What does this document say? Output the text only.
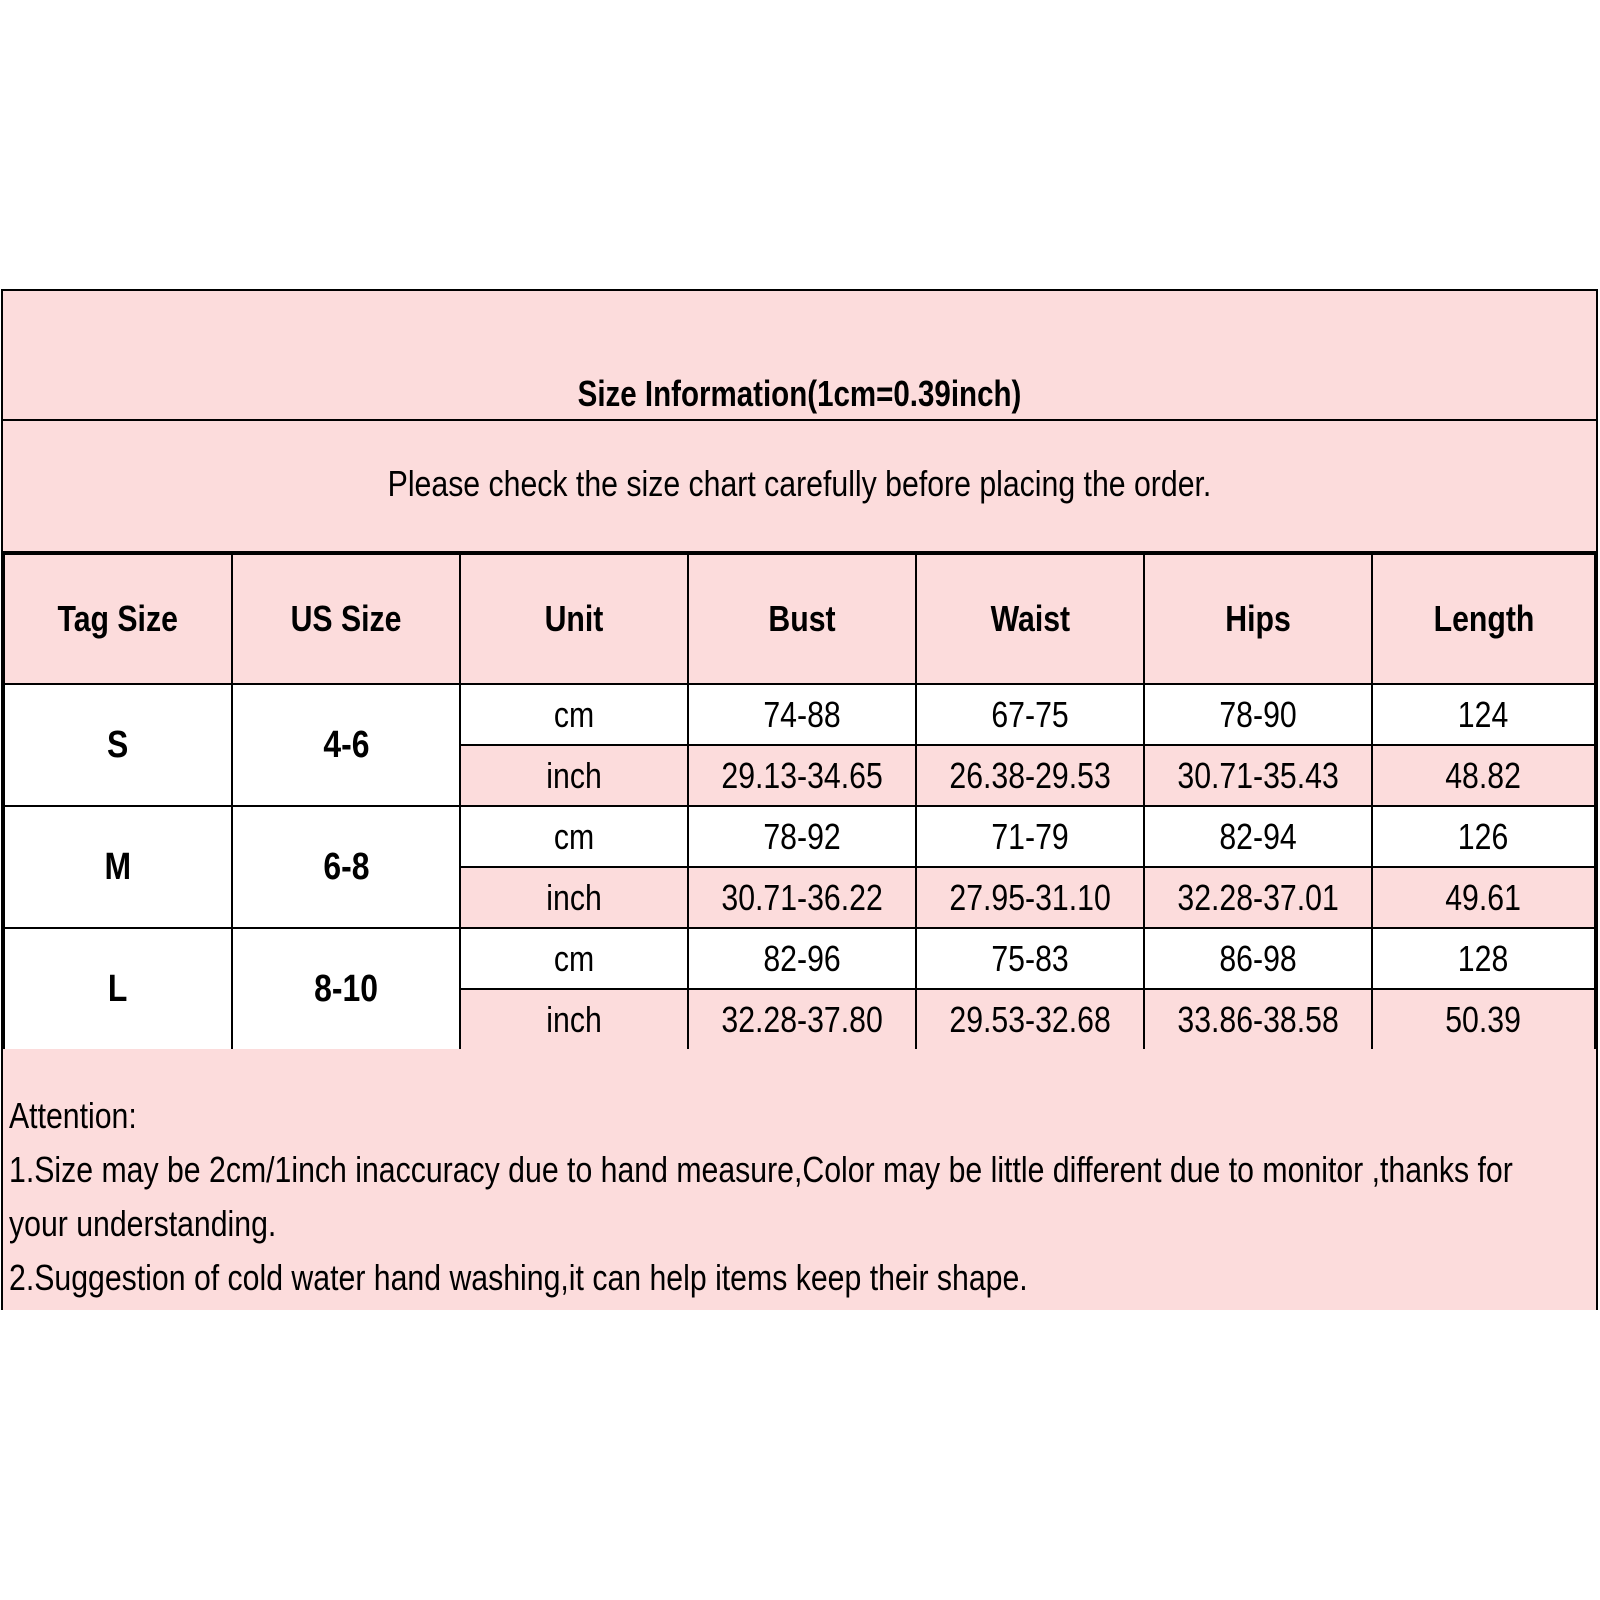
Size Information(1cm=0.39inch)
Please check the size chart carefully before placing the order.
Tag Size	US Size	Unit	Bust	Waist	Hips	Length
S	4-6	cm	74-88	67-75	78-90	124
		inch	29.13-34.65	26.38-29.53	30.71-35.43	48.82
M	6-8	cm	78-92	71-79	82-94	126
		inch	30.71-36.22	27.95-31.10	32.28-37.01	49.61
L	8-10	cm	82-96	75-83	86-98	128
		inch	32.28-37.80	29.53-32.68	33.86-38.58	50.39
Attention:
1.Size may be 2cm/1inch inaccuracy due to hand measure,Color may be little different due to monitor ,thanks for
your understanding.
2.Suggestion of cold water hand washing,it can help items keep their shape.
